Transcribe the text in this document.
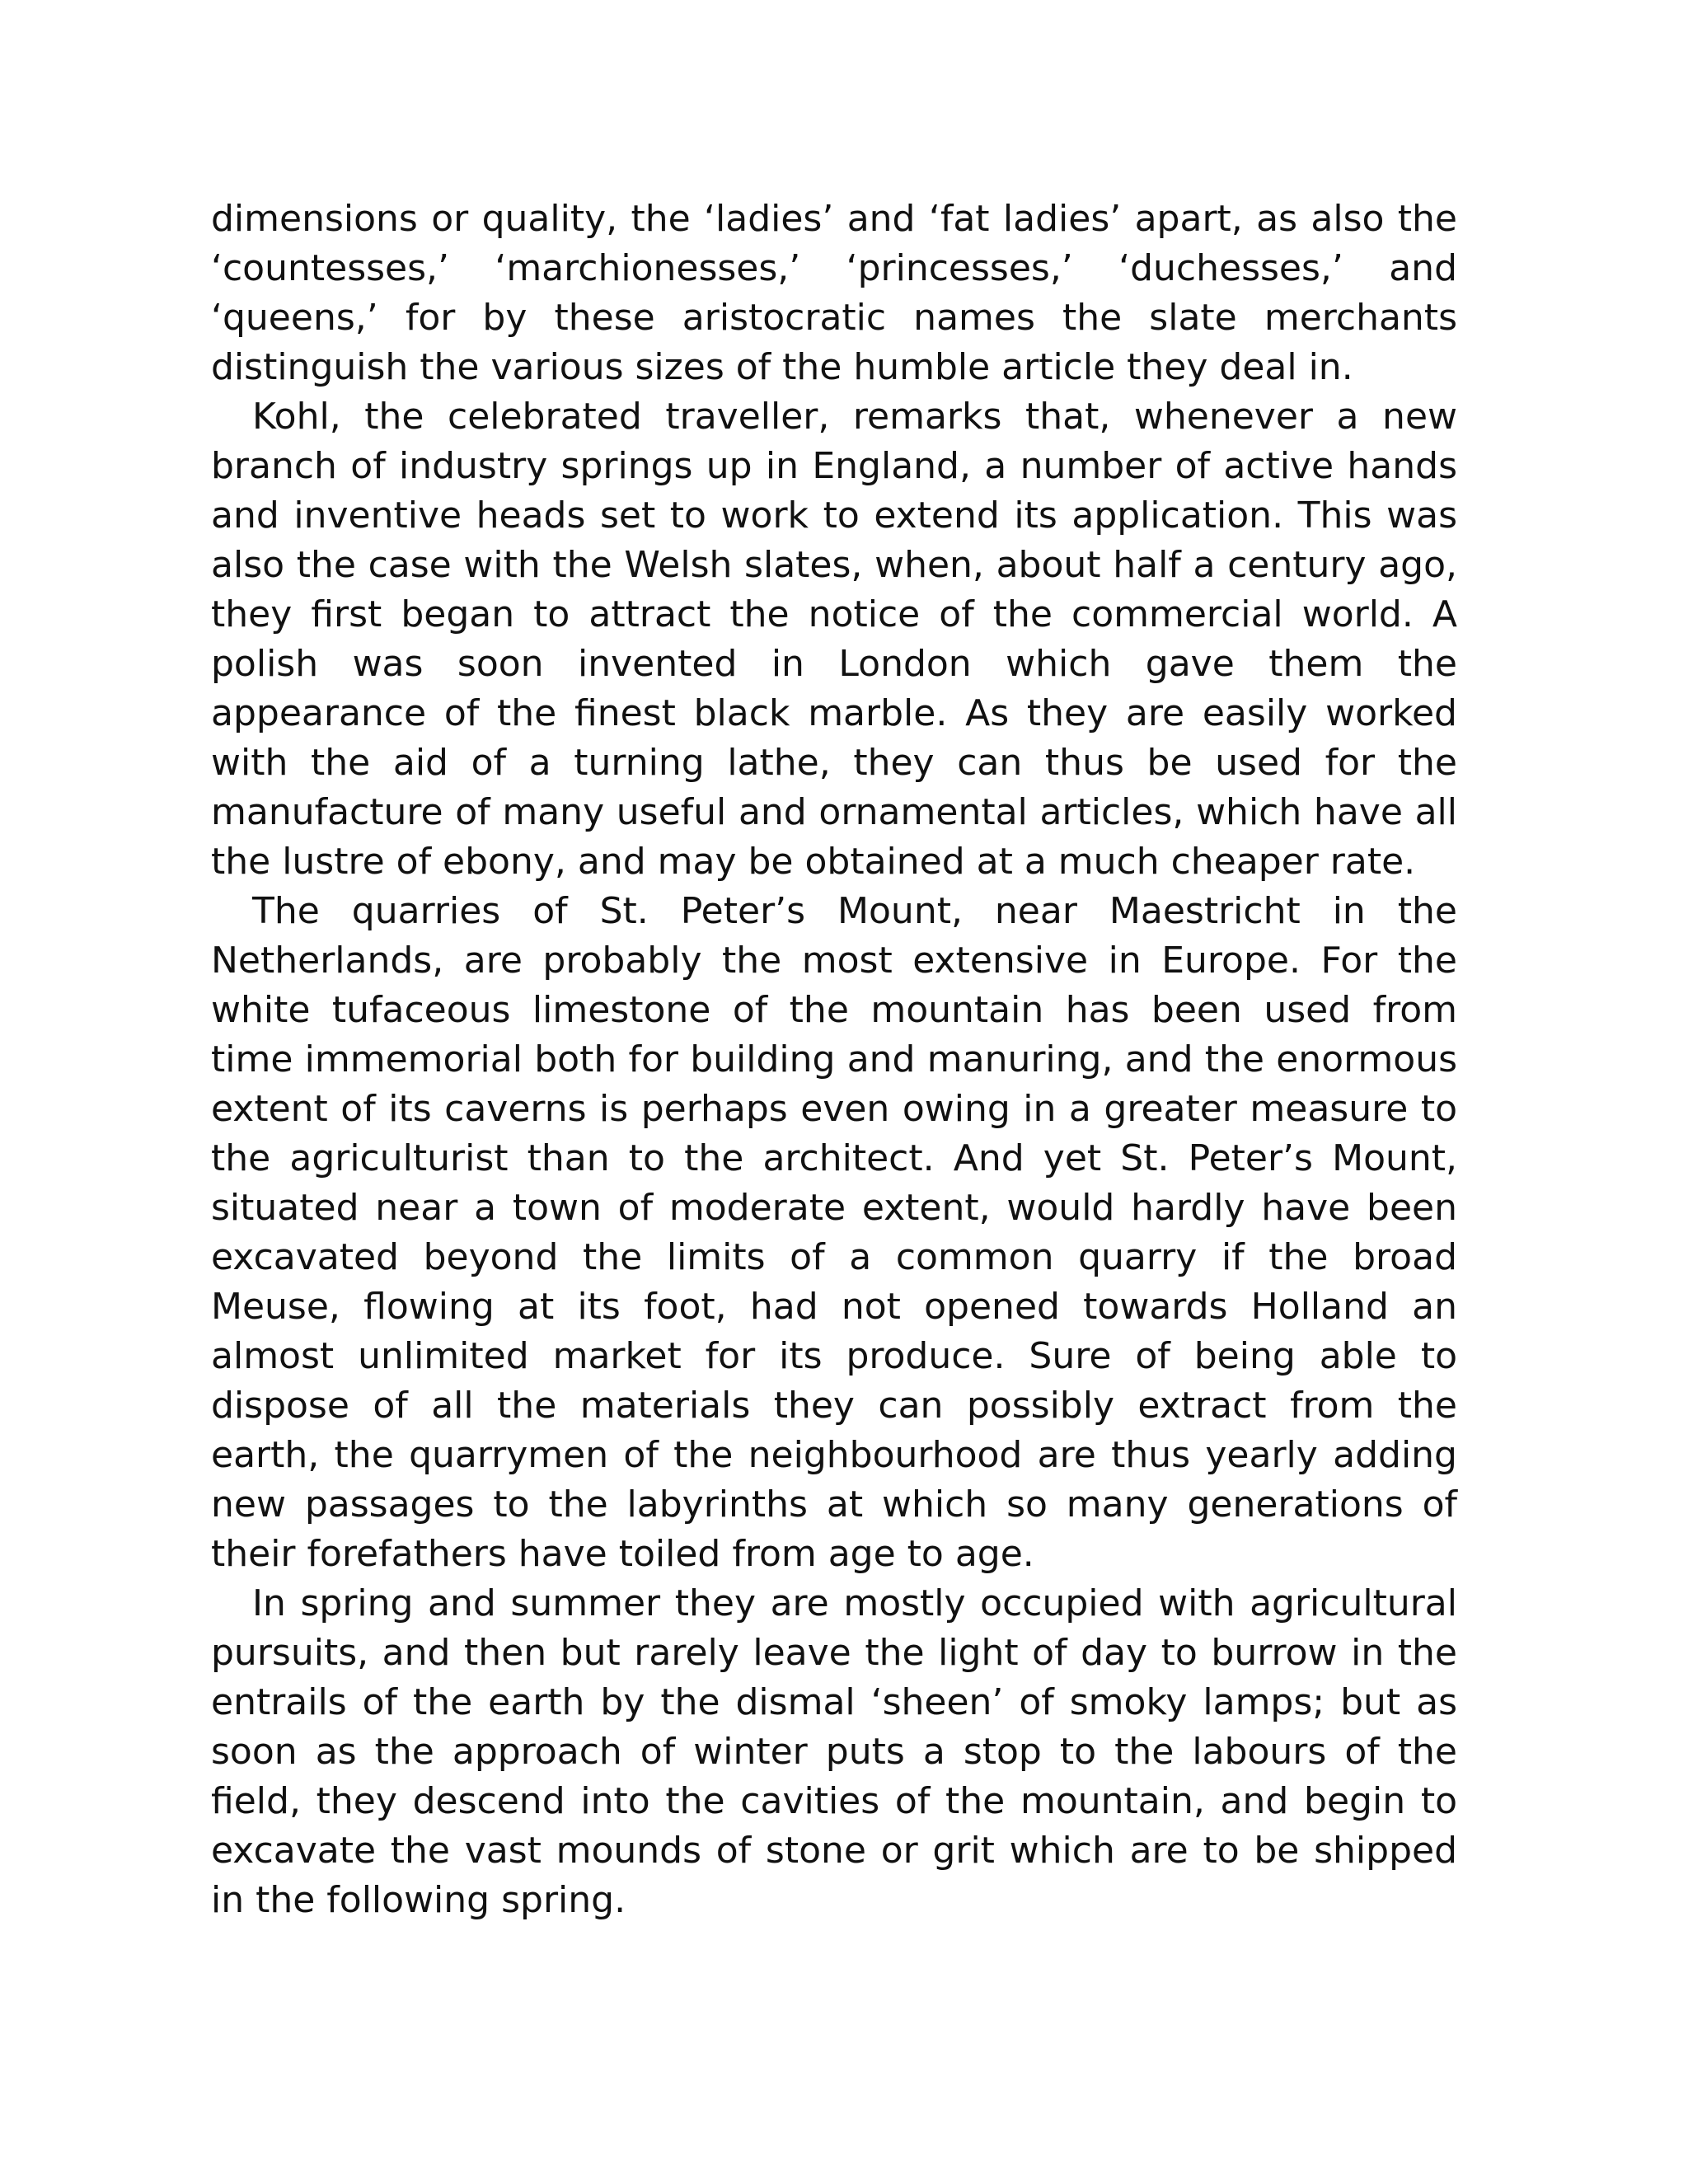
dimensions or quality, the ‘ladies’ and ‘fat ladies’ apart, as also the ‘countesses,’ ‘marchionesses,’ ‘princesses,’ ‘duchesses,’ and ‘queens,’ for by these aristocratic names the slate merchants distinguish the various sizes of the humble article they deal in.

Kohl, the celebrated traveller, remarks that, whenever a new branch of industry springs up in England, a number of active hands and inventive heads set to work to extend its application. This was also the case with the Welsh slates, when, about half a century ago, they first began to attract the notice of the commercial world. A polish was soon invented in London which gave them the appearance of the finest black marble. As they are easily worked with the aid of a turning lathe, they can thus be used for the manufacture of many useful and ornamental articles, which have all the lustre of ebony, and may be obtained at a much cheaper rate.

The quarries of St. Peter’s Mount, near Maestricht in the Netherlands, are probably the most extensive in Europe. For the white tufaceous limestone of the mountain has been used from time immemorial both for building and manuring, and the enormous extent of its caverns is perhaps even owing in a greater measure to the agriculturist than to the architect. And yet St. Peter’s Mount, situated near a town of moderate extent, would hardly have been excavated beyond the limits of a common quarry if the broad Meuse, flowing at its foot, had not opened towards Holland an almost unlimited market for its produce. Sure of being able to dispose of all the materials they can possibly extract from the earth, the quarrymen of the neighbourhood are thus yearly adding new passages to the labyrinths at which so many generations of their forefathers have toiled from age to age.

In spring and summer they are mostly occupied with agricultural pursuits, and then but rarely leave the light of day to burrow in the entrails of the earth by the dismal ‘sheen’ of smoky lamps; but as soon as the approach of winter puts a stop to the labours of the field, they descend into the cavities of the mountain, and begin to excavate the vast mounds of stone or grit which are to be shipped in the following spring.
